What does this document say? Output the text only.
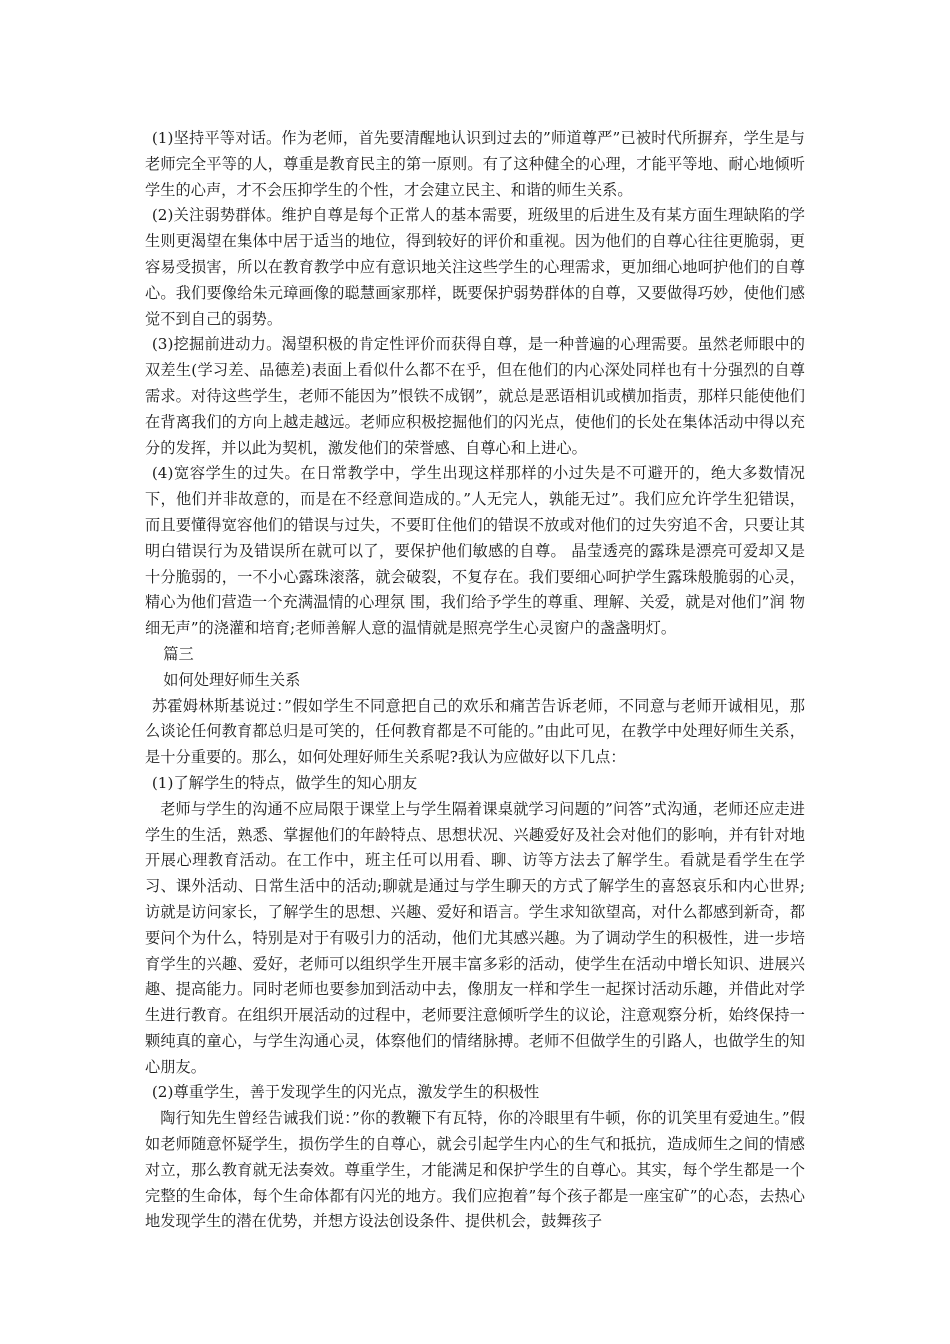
(1)坚持平等对话。作为老师，首先要清醒地认识到过去的”师道尊严”已被时代所摒弃，学生是与老师完全平等的人，尊重是教育民主的第一原则。有了这种健全的心理，才能平等地、耐心地倾听学生的心声，才不会压抑学生的个性，才会建立民主、和谐的师生关系。

(2)关注弱势群体。维护自尊是每个正常人的基本需要，班级里的后进生及有某方面生理缺陷的学生则更渴望在集体中居于适当的地位，得到较好的评价和重视。因为他们的自尊心往往更脆弱，更容易受损害，所以在教育教学中应有意识地关注这些学生的心理需求，更加细心地呵护他们的自尊心。我们要像给朱元璋画像的聪慧画家那样，既要保护弱势群体的自尊，又要做得巧妙，使他们感觉不到自己的弱势。

(3)挖掘前进动力。渴望积极的肯定性评价而获得自尊，是一种普遍的心理需要。虽然老师眼中的双差生(学习差、品德差)表面上看似什么都不在乎，但在他们的内心深处同样也有十分强烈的自尊需求。对待这些学生，老师不能因为”恨铁不成钢”，就总是恶语相讥或横加指责，那样只能使他们在背离我们的方向上越走越远。老师应积极挖掘他们的闪光点，使他们的长处在集体活动中得以充分的发挥，并以此为契机，激发他们的荣誉感、自尊心和上进心。

(4)宽容学生的过失。在日常教学中，学生出现这样那样的小过失是不可避开的，绝大多数情况下，他们并非故意的，而是在不经意间造成的。”人无完人，孰能无过”。我们应允许学生犯错误，而且要懂得宽容他们的错误与过失，不要盯住他们的错误不放或对他们的过失穷追不舍，只要让其明白错误行为及错误所在就可以了，要保护他们敏感的自尊。 晶莹透亮的露珠是漂亮可爱却又是十分脆弱的，一不小心露珠滚落，就会破裂，不复存在。我们要细心呵护学生露珠般脆弱的心灵，精心为他们营造一个充满温情的心理氛 围，我们给予学生的尊重、理解、关爱，就是对他们”润 物细无声”的浇灌和培育;老师善解人意的温情就是照亮学生心灵窗户的盏盏明灯。

篇三

如何处理好师生关系

苏霍姆林斯基说过：”假如学生不同意把自己的欢乐和痛苦告诉老师，不同意与老师开诚相见，那么谈论任何教育都总归是可笑的，任何教育都是不可能的。”由此可见，在教学中处理好师生关系，是十分重要的。那么，如何处理好师生关系呢?我认为应做好以下几点：

(1)了解学生的特点，做学生的知心朋友

老师与学生的沟通不应局限于课堂上与学生隔着课桌就学习问题的”问答”式沟通，老师还应走进学生的生活，熟悉、掌握他们的年龄特点、思想状况、兴趣爱好及社会对他们的影响，并有针对地开展心理教育活动。在工作中，班主任可以用看、聊、访等方法去了解学生。看就是看学生在学习、课外活动、日常生活中的活动;聊就是通过与学生聊天的方式了解学生的喜怒哀乐和内心世界;访就是访问家长，了解学生的思想、兴趣、爱好和语言。学生求知欲望高，对什么都感到新奇，都要问个为什么，特别是对于有吸引力的活动，他们尤其感兴趣。为了调动学生的积极性，进一步培育学生的兴趣、爱好，老师可以组织学生开展丰富多彩的活动，使学生在活动中增长知识、进展兴趣、提高能力。同时老师也要参加到活动中去，像朋友一样和学生一起探讨活动乐趣，并借此对学生进行教育。在组织开展活动的过程中，老师要注意倾听学生的议论，注意观察分析，始终保持一颗纯真的童心，与学生沟通心灵，体察他们的情绪脉搏。老师不但做学生的引路人，也做学生的知心朋友。

(2)尊重学生，善于发现学生的闪光点，激发学生的积极性

陶行知先生曾经告诫我们说：”你的教鞭下有瓦特，你的冷眼里有牛顿，你的讥笑里有爱迪生。”假如老师随意怀疑学生，损伤学生的自尊心，就会引起学生内心的生气和抵抗，造成师生之间的情感对立，那么教育就无法奏效。尊重学生，才能满足和保护学生的自尊心。其实，每个学生都是一个完整的生命体，每个生命体都有闪光的地方。我们应抱着”每个孩子都是一座宝矿”的心态，去热心地发现学生的潜在优势，并想方设法创设条件、提供机会，鼓舞孩子
